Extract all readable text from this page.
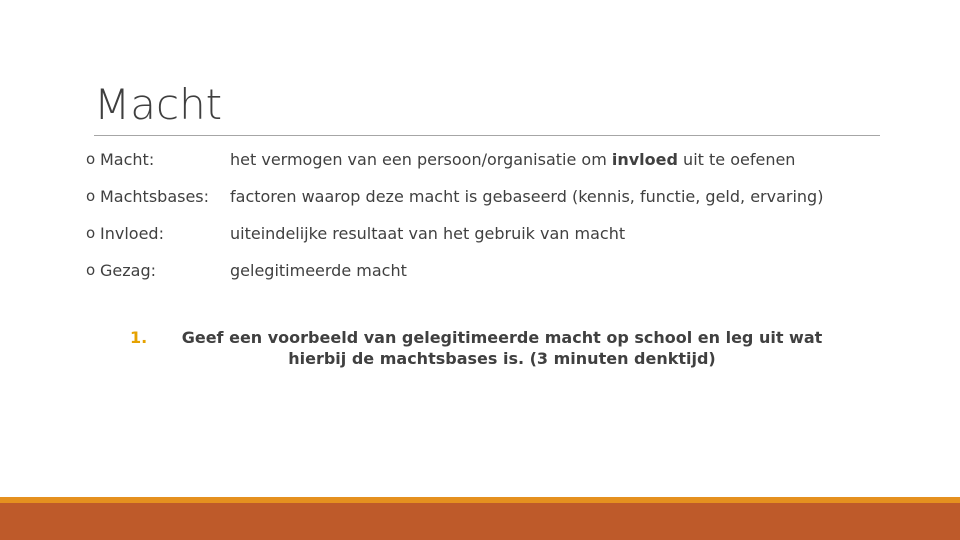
Macht
o Macht:	het vermogen van een persoon/organisatie om invloed uit te oefenen
o Machtsbases: factoren waarop deze macht is gebaseerd (kennis, functie, geld, ervaring)
o Invloed:	uiteindelijke resultaat van het gebruik van macht
o Gezag:	gelegitimeerde macht
1.	Geef een voorbeeld van gelegitimeerde macht op school en leg uit wat hierbij de machtsbases is. (3 minuten denktijd)
